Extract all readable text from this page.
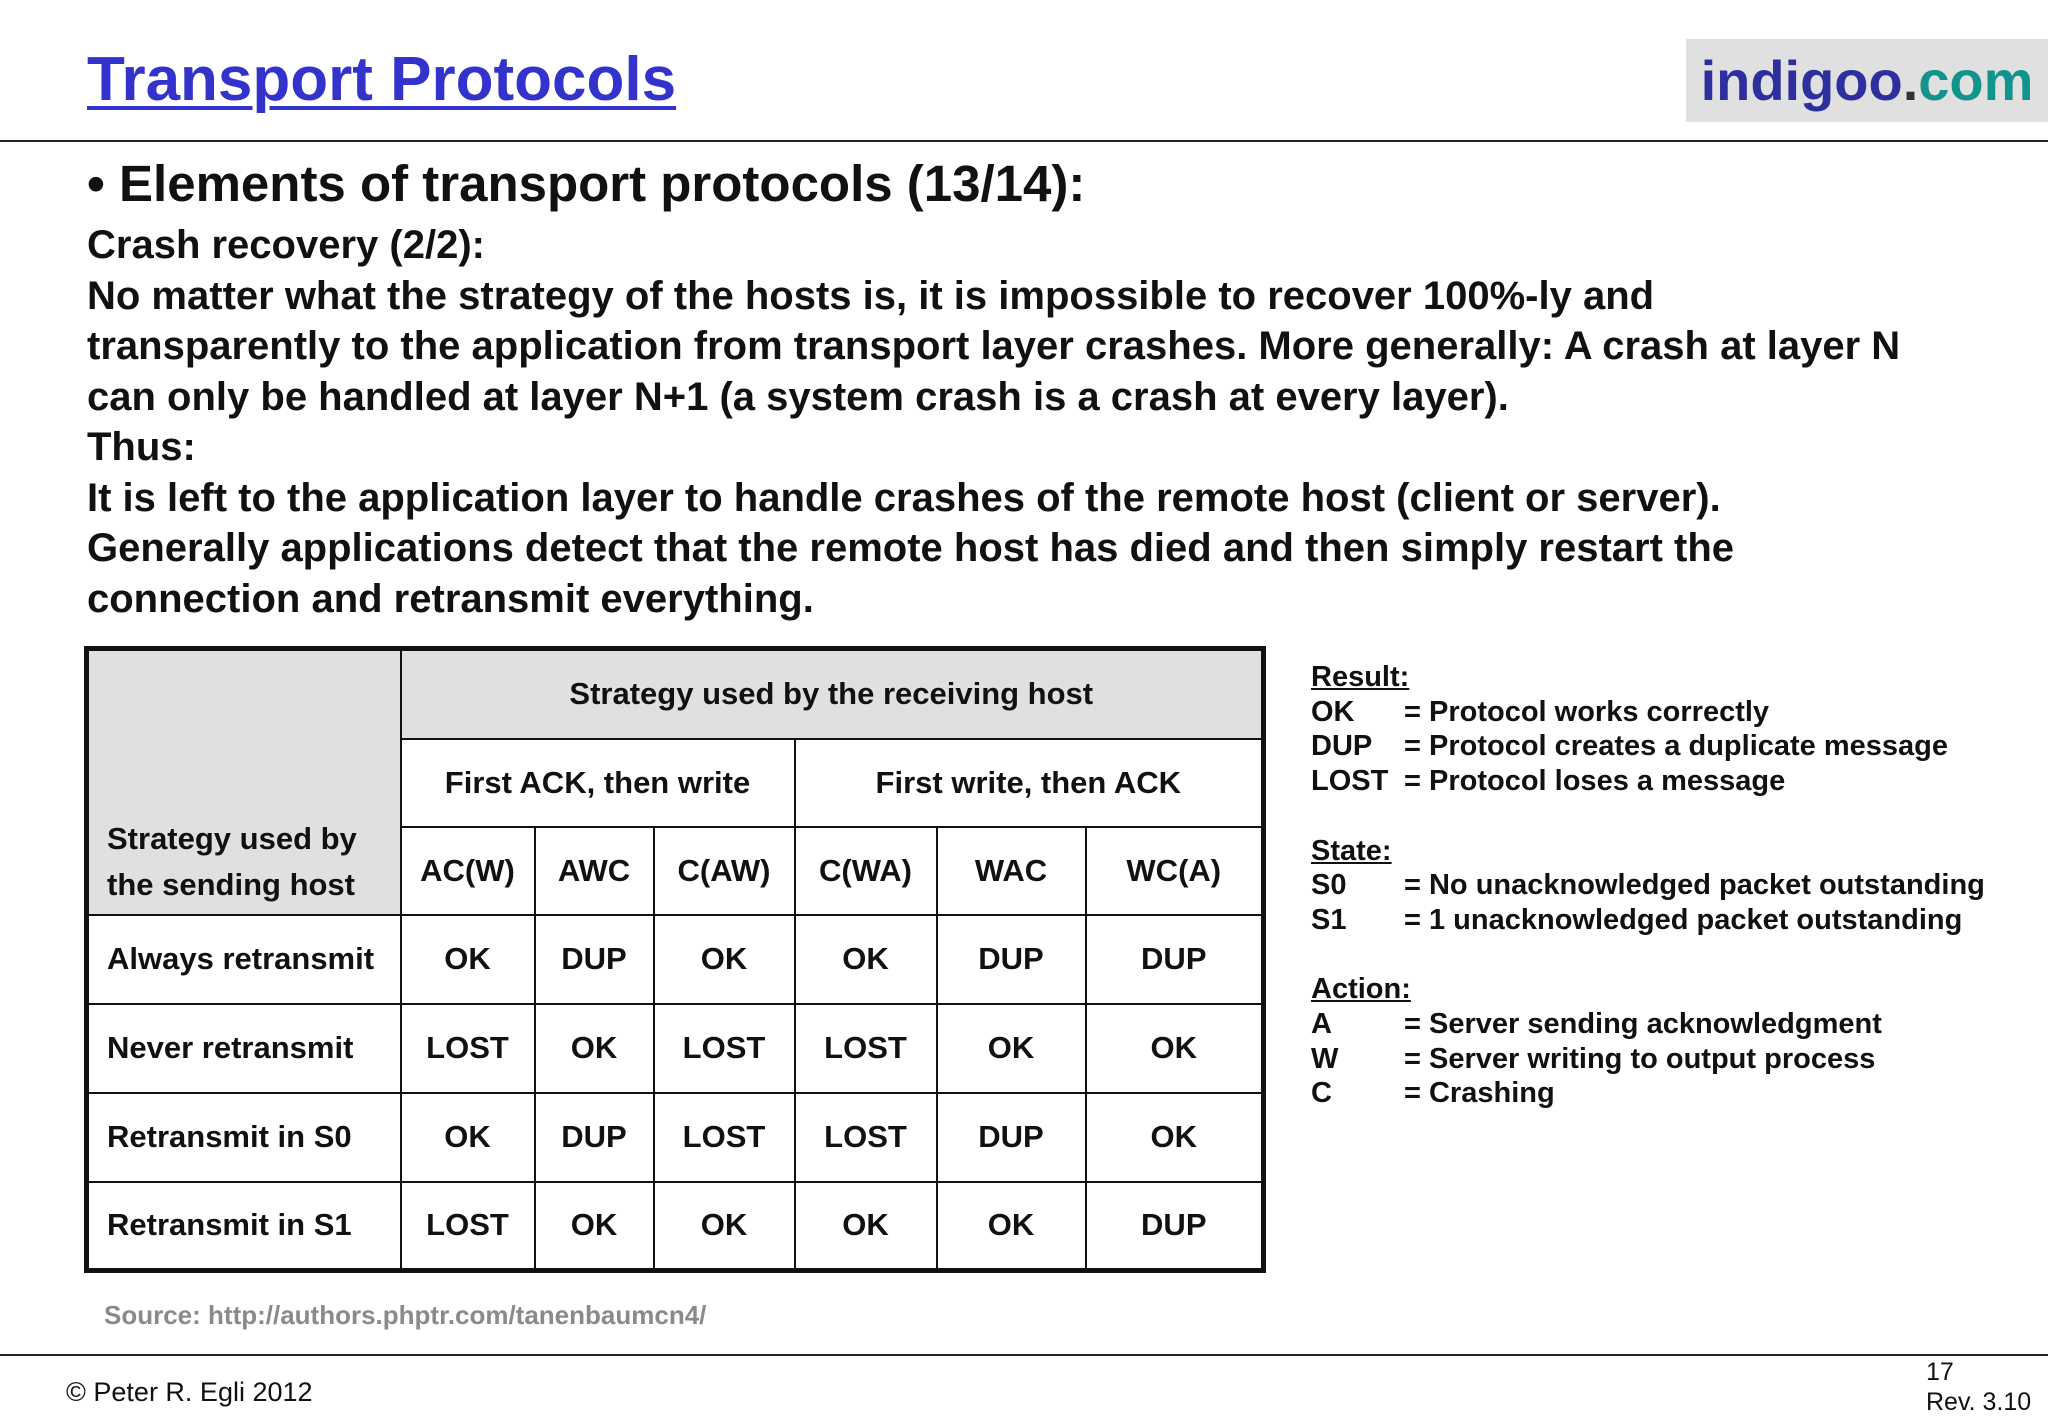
Transport Protocols	indigoo . com
• Elements of transport protocols (13/14):
Crash recovery (2/2):
No matter what the strategy of the hosts is, it is impossible to recover 100%-ly and
transparently to the application from transport layer crashes. More generally: A crash at layer N
can only be handled at layer N+1 (a system crash is a crash at every layer).
Thus:
It is left to the application layer to handle crashes of the remote host (client or server).
Generally applications detect that the remote host has died and then simply restart the
connection and retransmit everything.
Strategy used by
the sending host	Strategy used by the receiving host					
	First ACK, then write			First write, then ACK		
	AC(W)	AWC	C(AW)	C(WA)	WAC	WC(A)
Always retransmit	OK	DUP	OK	OK	DUP	DUP
Never retransmit	LOST	OK	LOST	LOST	OK	OK
Retransmit in S0	OK	DUP	LOST	LOST	DUP	OK
Retransmit in S1	LOST	OK	OK	OK	OK	DUP
Source: http://authors.phptr.com/tanenbaumcn4/
Result:
OK	= Protocol works correctly
DUP	= Protocol creates a duplicate message
LOST = Protocol loses a message
State:
S0	= No unacknowledged packet outstanding
S1	= 1 unacknowledged packet outstanding
Action:
A	= Server sending acknowledgment
W	= Server writing to output process
C	= Crashing
© Peter R. Egli 2012
17
Rev. 3.10
